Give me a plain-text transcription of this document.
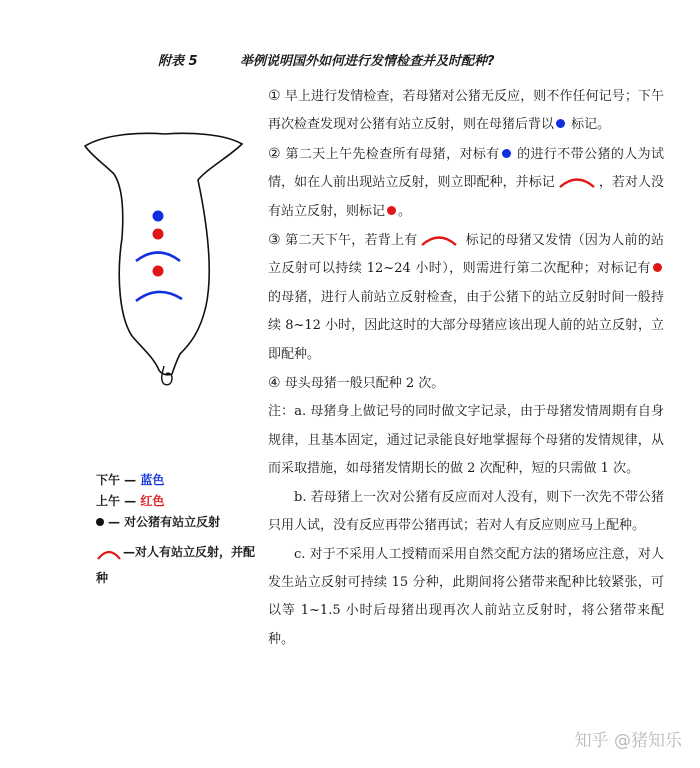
附表 5	举例说明国外如何进行发情检查并及时配种?
下午 — 蓝色
上午 — 红色
— 对公猪有站立反射
—对人有站立反射，并配种

① 早上进行发情检查，若母猪对公猪无反应，则不作任何记号；下午再次检查发现对公猪有站立反射，则在母猪后背以 标记。

② 第二天上午先检查所有母猪，对标有 的进行不带公猪的人为试情，如在人前出现站立反射，则立即配种，并标记	，若对人没有站立反射，则标记 。

③ 第二天下午，若背上有	标记的母猪又发情（因为人前的站立反射可以持续 12~24 小时），则需进行第二次配种；对标记有的母猪，进行人前站立反射检查，由于公猪下的站立反射时间一般持续 8~12 小时，因此这时的大部分母猪应该出现人前的站立反射，立即配种。

④ 母头母猪一般只配种 2 次。

注：a. 母猪身上做记号的同时做文字记录，由于母猪发情周期有自身规律，且基本固定，通过记录能良好地掌握每个母猪的发情规律，从而采取措施，如母猪发情期长的做 2 次配种，短的只需做 1 次。

b. 若母猪上一次对公猪有反应而对人没有，则下一次先不带公猪只用人试，没有反应再带公猪再试；若对人有反应则应马上配种。

c. 对于不采用人工授精而采用自然交配方法的猪场应注意，对人发生站立反射可持续 15 分种，此期间将公猪带来配种比较紧张，可以等 1~1.5 小时后母猪出现再次人前站立反射时，将公猪带来配种。

知乎 @猪知乐
